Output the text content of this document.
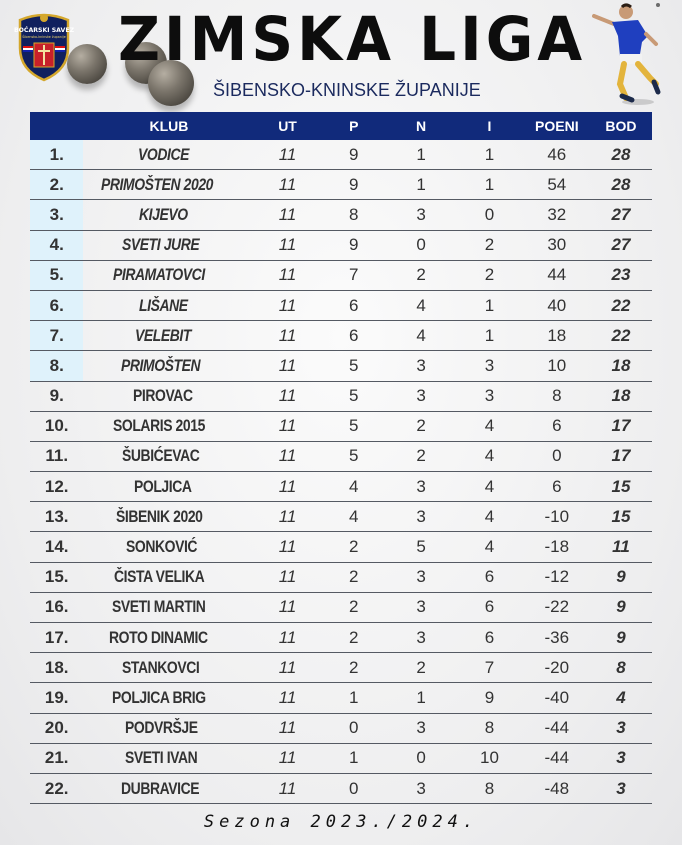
BOĆARSKI SAVEZ
Šibensko-kninske županije ZIMSKA LIGA
ŠIBENSKO-KNINSKE ŽUPANIJE
	KLUB	UT	P	N	I	POENI	BOD
1.	VODICE	11	9	1	1	46	28
2.	PRIMOŠTEN 2020	11	9	1	1	54	28
3.	KIJEVO	11	8	3	0	32	27
4.	SVETI JURE	11	9	0	2	30	27
5.	PIRAMATOVCI	11	7	2	2	44	23
6.	LIŠANE	11	6	4	1	40	22
7.	VELEBIT	11	6	4	1	18	22
8.	PRIMOŠTEN	11	5	3	3	10	18
9.	PIROVAC	11	5	3	3	8	18
10.	SOLARIS 2015	11	5	2	4	6	17
11.	ŠUBIĆEVAC	11	5	2	4	0	17
12.	POLJICA	11	4	3	4	6	15
13.	ŠIBENIK 2020	11	4	3	4	-10	15
14.	SONKOVIĆ	11	2	5	4	-18	11
15.	ČISTA VELIKA	11	2	3	6	-12	9
16.	SVETI MARTIN	11	2	3	6	-22	9
17.	ROTO DINAMIC	11	2	3	6	-36	9
18.	STANKOVCI	11	2	2	7	-20	8
19.	POLJICA BRIG	11	1	1	9	-40	4
20.	PODVRŠJE	11	0	3	8	-44	3
21.	SVETI IVAN	11	1	0	10	-44	3
22.	DUBRAVICE	11	0	3	8	-48	3
Sezona 2023./2024.
